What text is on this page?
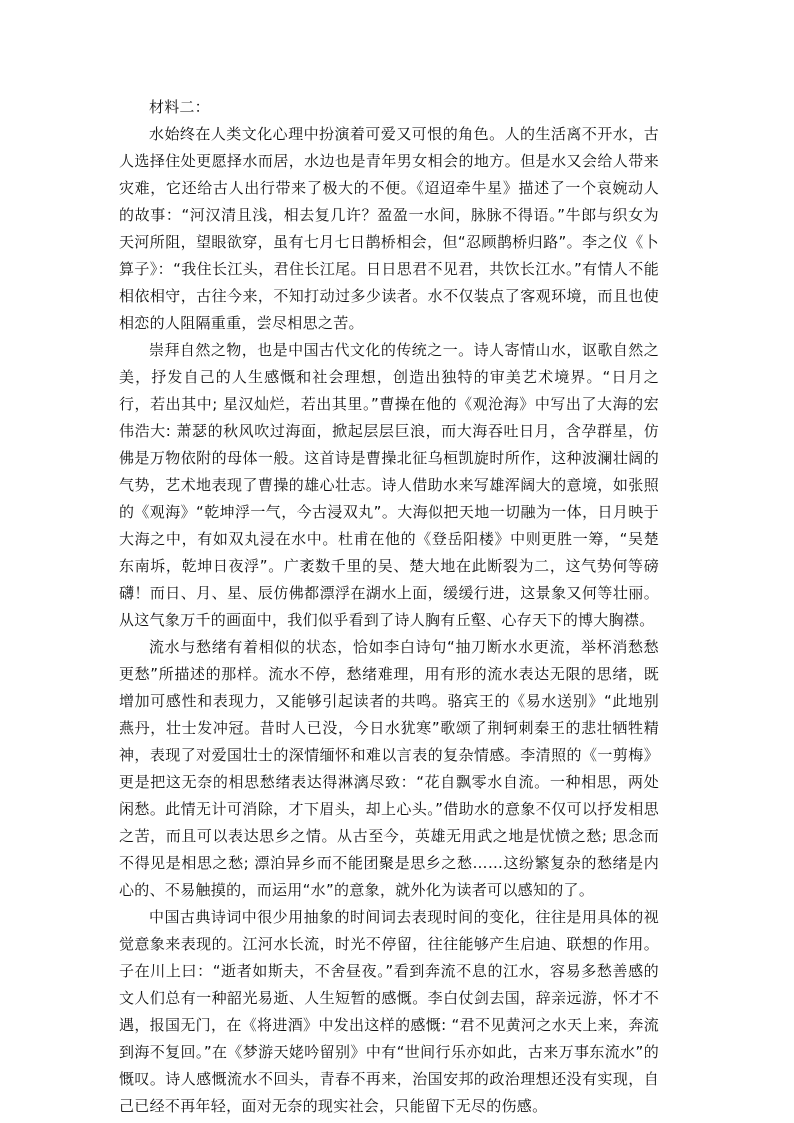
材料二：

水始终在人类文化心理中扮演着可爱又可恨的角色。人的生活离不开水，古人选择住处更愿择水而居，水边也是青年男女相会的地方。但是水又会给人带来灾难，它还给古人出行带来了极大的不便。《迢迢牵牛星》描述了一个哀婉动人的故事：“河汉清且浅，相去复几许？盈盈一水间，脉脉不得语。”牛郎与织女为天河所阻，望眼欲穿，虽有七月七日鹊桥相会，但“忍顾鹊桥归路”。李之仪《卜算子》：“我住长江头，君住长江尾。日日思君不见君，共饮长江水。”有情人不能相依相守，古往今来，不知打动过多少读者。水不仅装点了客观环境，而且也使相恋的人阻隔重重，尝尽相思之苦。

崇拜自然之物，也是中国古代文化的传统之一。诗人寄情山水，讴歌自然之美，抒发自己的人生感慨和社会理想，创造出独特的审美艺术境界。“日月之行，若出其中; 星汉灿烂，若出其里。”曹操在他的《观沧海》中写出了大海的宏伟浩大: 萧瑟的秋风吹过海面，掀起层层巨浪，而大海吞吐日月，含孕群星，仿佛是万物依附的母体一般。这首诗是曹操北征乌桓凯旋时所作，这种波澜壮阔的气势，艺术地表现了曹操的雄心壮志。诗人借助水来写雄浑阔大的意境，如张照的《观海》“乾坤浮一气，今古浸双丸”。大海似把天地一切融为一体，日月映于大海之中，有如双丸浸在水中。杜甫在他的《登岳阳楼》中则更胜一筹，“吴楚东南坼，乾坤日夜浮”。广袤数千里的吴、楚大地在此断裂为二，这气势何等磅礴！而日、月、星、辰仿佛都漂浮在湖水上面，缓缓行进，这景象又何等壮丽。从这气象万千的画面中，我们似乎看到了诗人胸有丘壑、心存天下的博大胸襟。

流水与愁绪有着相似的状态，恰如李白诗句“抽刀断水水更流，举杯消愁愁更愁”所描述的那样。流水不停，愁绪难理，用有形的流水表达无限的思绪，既增加可感性和表现力，又能够引起读者的共鸣。骆宾王的《易水送别》“此地别燕丹，壮士发冲冠。昔时人已没，今日水犹寒”歌颂了荆轲刺秦王的悲壮牺牲精神，表现了对爱国壮士的深情缅怀和难以言表的复杂情感。李清照的《一剪梅》更是把这无奈的相思愁绪表达得淋漓尽致：“花自飘零水自流。一种相思，两处闲愁。此情无计可消除，才下眉头，却上心头。”借助水的意象不仅可以抒发相思之苦，而且可以表达思乡之情。从古至今，英雄无用武之地是忧愤之愁; 思念而不得见是相思之愁; 漂泊异乡而不能团聚是思乡之愁……这纷繁复杂的愁绪是内心的、不易触摸的，而运用“水”的意象，就外化为读者可以感知的了。

中国古典诗词中很少用抽象的时间词去表现时间的变化，往往是用具体的视觉意象来表现的。江河水长流，时光不停留，往往能够产生启迪、联想的作用。子在川上曰：“逝者如斯夫，不舍昼夜。”看到奔流不息的江水，容易多愁善感的文人们总有一种韶光易逝、人生短暂的感慨。李白仗剑去国，辞亲远游，怀才不遇，报国无门，在《将进酒》中发出这样的感慨: “君不见黄河之水天上来，奔流到海不复回。”在《梦游天姥吟留别》中有“世间行乐亦如此，古来万事东流水”的慨叹。诗人感慨流水不回头，青春不再来，治国安邦的政治理想还没有实现，自己已经不再年轻，面对无奈的现实社会，只能留下无尽的伤感。
